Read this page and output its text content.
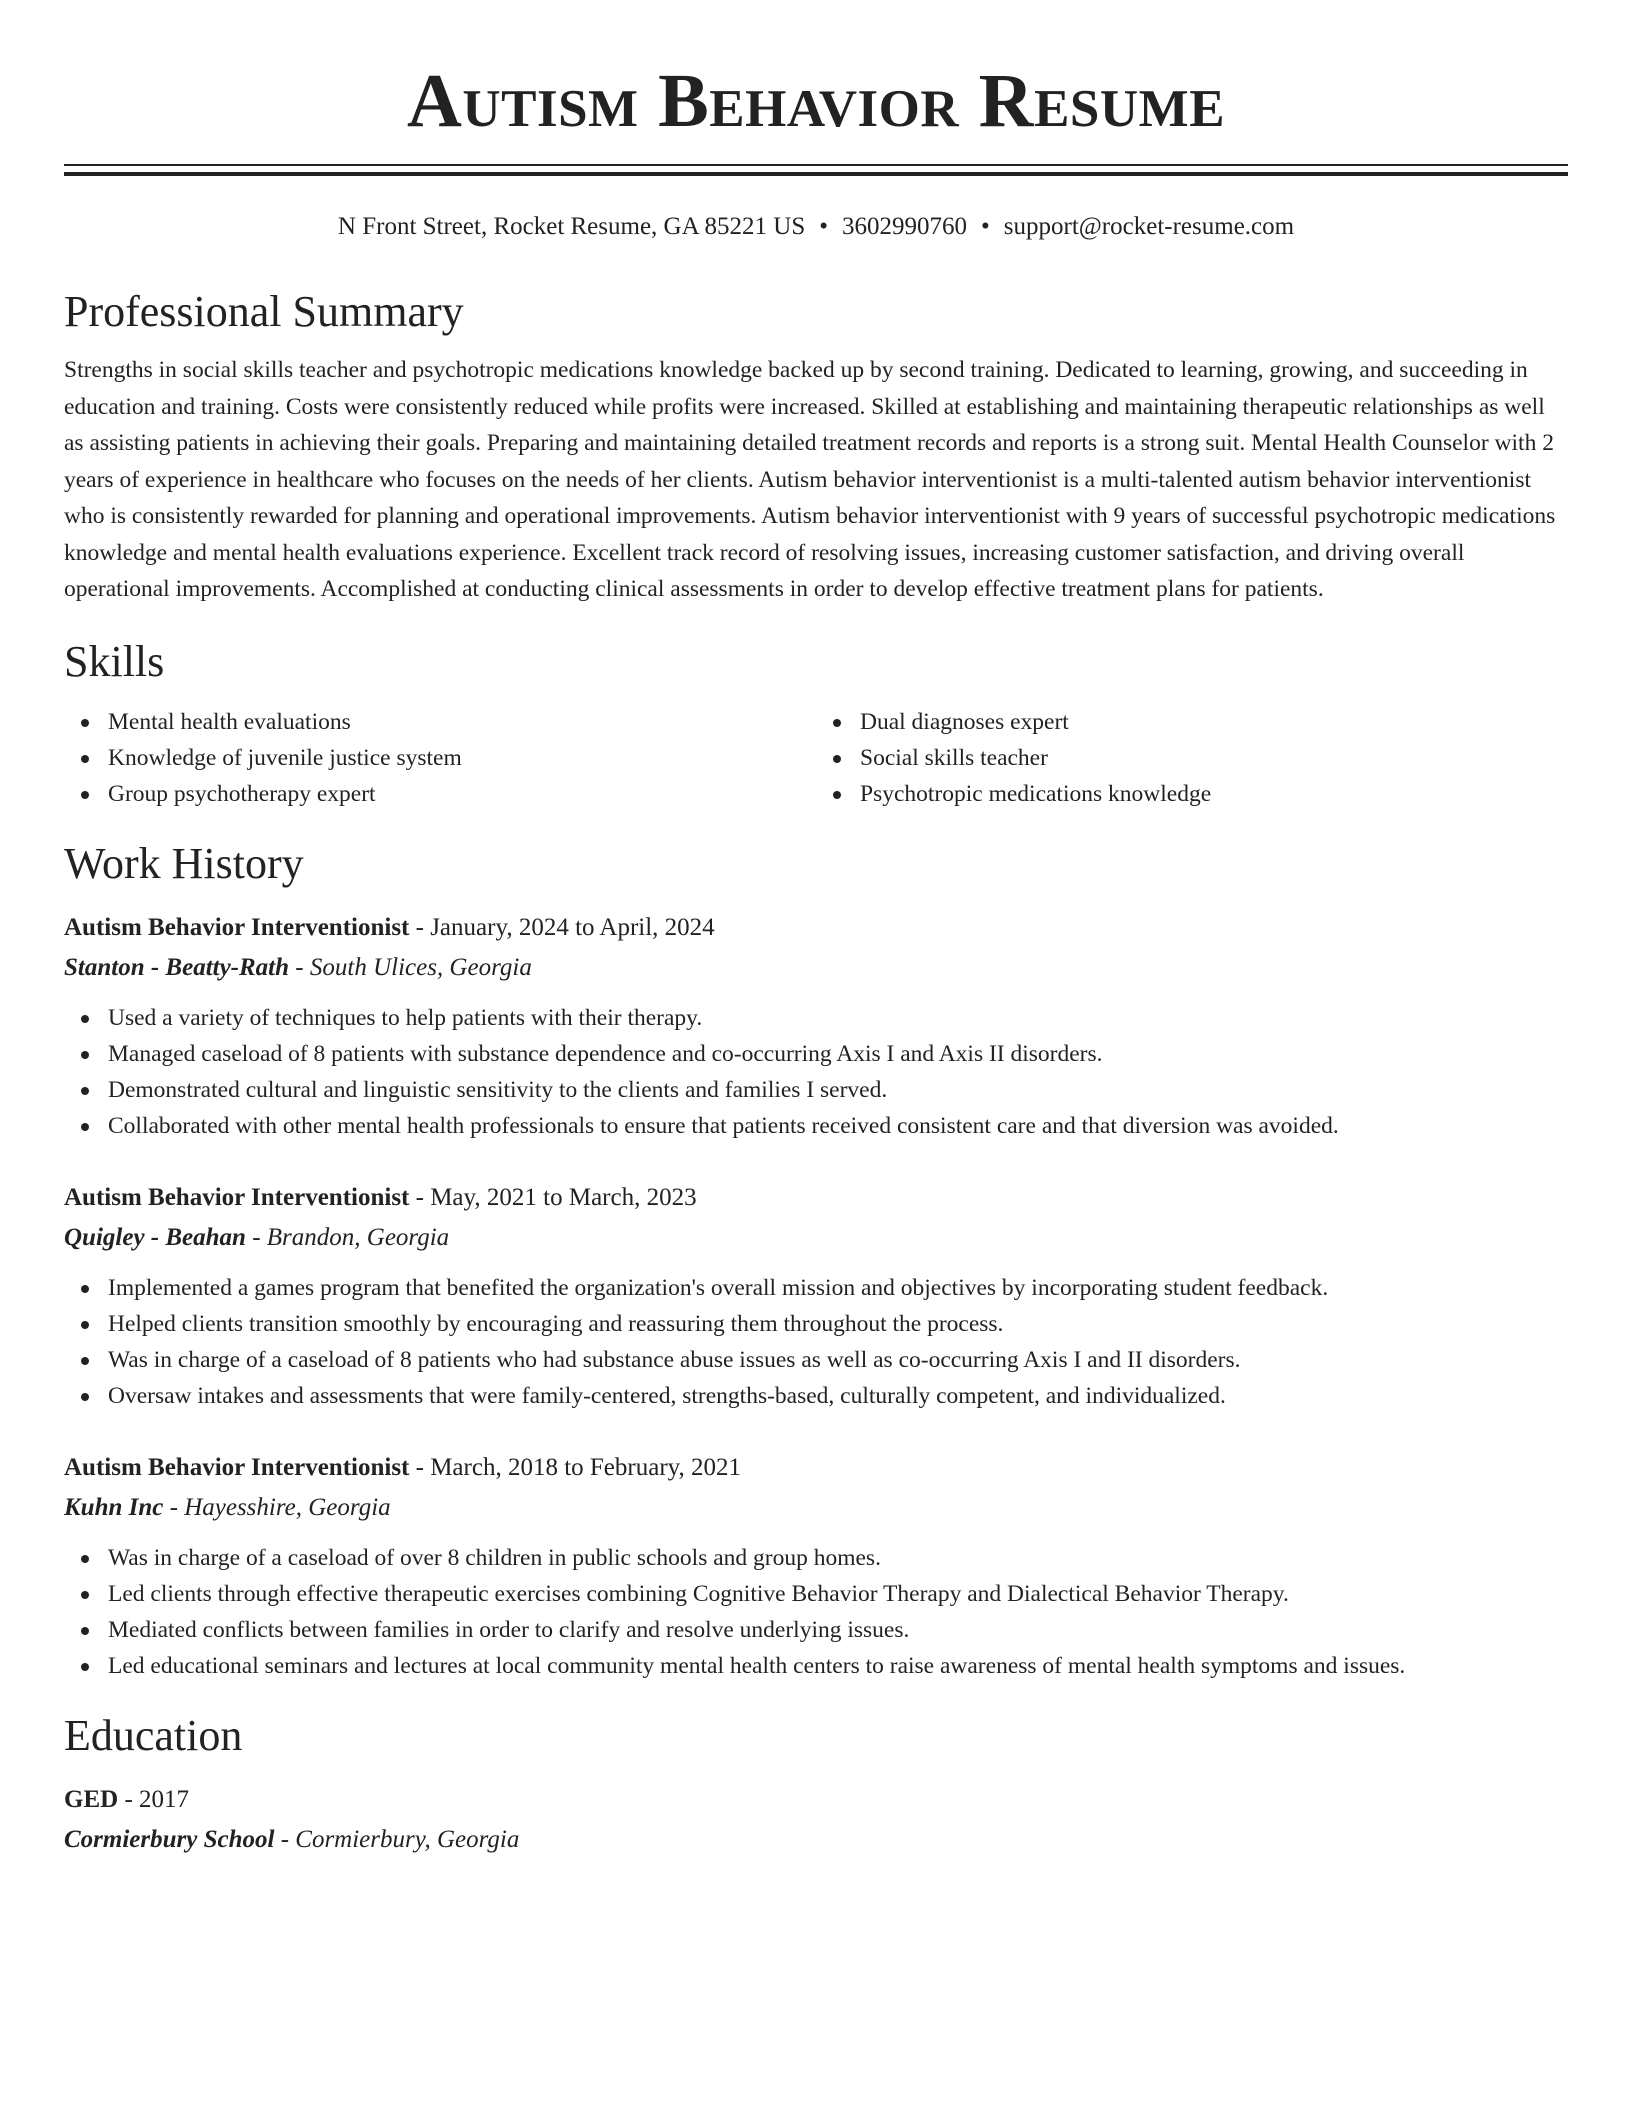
Autism Behavior Resume
N Front Street, Rocket Resume, GA 85221 US • 3602990760 • support@rocket-resume.com
Professional Summary

Strengths in social skills teacher and psychotropic medications knowledge backed up by second training. Dedicated to learning, growing, and succeeding in education and training. Costs were consistently reduced while profits were increased. Skilled at establishing and maintaining therapeutic relationships as well as assisting patients in achieving their goals. Preparing and maintaining detailed treatment records and reports is a strong suit. Mental Health Counselor with 2 years of experience in healthcare who focuses on the needs of her clients. Autism behavior interventionist is a multi-talented autism behavior interventionist who is consistently rewarded for planning and operational improvements. Autism behavior interventionist with 9 years of successful psychotropic medications knowledge and mental health evaluations experience. Excellent track record of resolving issues, increasing customer satisfaction, and driving overall operational improvements. Accomplished at conducting clinical assessments in order to develop effective treatment plans for patients.

Skills
Mental health evaluations
Knowledge of juvenile justice system
Group psychotherapy expert
Dual diagnoses expert
Social skills teacher
Psychotropic medications knowledge
Work History
Autism Behavior Interventionist - January, 2024 to April, 2024
Stanton - Beatty-Rath - South Ulices, Georgia
Used a variety of techniques to help patients with their therapy.
Managed caseload of 8 patients with substance dependence and co-occurring Axis I and Axis II disorders.
Demonstrated cultural and linguistic sensitivity to the clients and families I served.
Collaborated with other mental health professionals to ensure that patients received consistent care and that diversion was avoided.
Autism Behavior Interventionist - May, 2021 to March, 2023
Quigley - Beahan - Brandon, Georgia
Implemented a games program that benefited the organization's overall mission and objectives by incorporating student feedback.
Helped clients transition smoothly by encouraging and reassuring them throughout the process.
Was in charge of a caseload of 8 patients who had substance abuse issues as well as co-occurring Axis I and II disorders.
Oversaw intakes and assessments that were family-centered, strengths-based, culturally competent, and individualized.
Autism Behavior Interventionist - March, 2018 to February, 2021
Kuhn Inc - Hayesshire, Georgia
Was in charge of a caseload of over 8 children in public schools and group homes.
Led clients through effective therapeutic exercises combining Cognitive Behavior Therapy and Dialectical Behavior Therapy.
Mediated conflicts between families in order to clarify and resolve underlying issues.
Led educational seminars and lectures at local community mental health centers to raise awareness of mental health symptoms and issues.
Education
GED - 2017
Cormierbury School - Cormierbury, Georgia
